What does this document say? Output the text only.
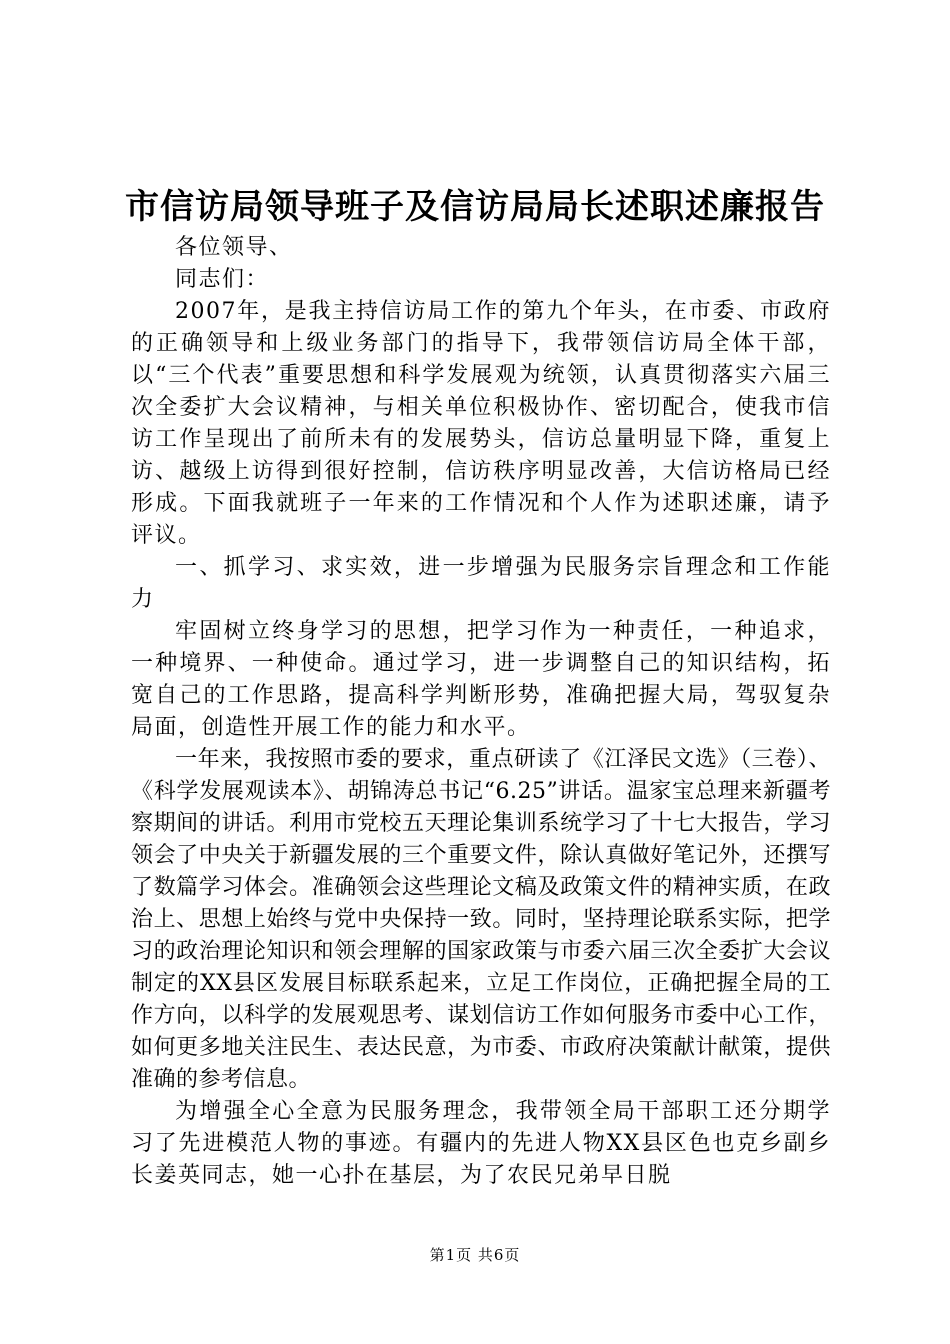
市信访局领导班子及信访局局长述职述廉报告

各位领导、

同志们：

2007年，是我主持信访局工作的第九个年头，在市委、市政府的正确领导和上级业务部门的指导下，我带领信访局全体干部，以“三个代表”重要思想和科学发展观为统领，认真贯彻落实六届三次全委扩大会议精神，与相关单位积极协作、密切配合，使我市信访工作呈现出了前所未有的发展势头，信访总量明显下降，重复上访、越级上访得到很好控制，信访秩序明显改善，大信访格局已经形成。下面我就班子一年来的工作情况和个人作为述职述廉，请予评议。

一、抓学习、求实效，进一步增强为民服务宗旨理念和工作能力

牢固树立终身学习的思想，把学习作为一种责任，一种追求，一种境界、一种使命。通过学习，进一步调整自己的知识结构，拓宽自己的工作思路，提高科学判断形势，准确把握大局，驾驭复杂局面，创造性开展工作的能力和水平。

一年来，我按照市委的要求，重点研读了《江泽民文选》（三卷）、《科学发展观读本》、胡锦涛总书记“6.25”讲话。温家宝总理来新疆考察期间的讲话。利用市党校五天理论集训系统学习了十七大报告，学习领会了中央关于新疆发展的三个重要文件，除认真做好笔记外，还撰写了数篇学习体会。准确领会这些理论文稿及政策文件的精神实质，在政治上、思想上始终与党中央保持一致。同时，坚持理论联系实际，把学习的政治理论知识和领会理解的国家政策与市委六届三次全委扩大会议制定的XX县区发展目标联系起来，立足工作岗位，正确把握全局的工作方向，以科学的发展观思考、谋划信访工作如何服务市委中心工作，如何更多地关注民生、表达民意，为市委、市政府决策献计献策，提供准确的参考信息。

为增强全心全意为民服务理念，我带领全局干部职工还分期学习了先进模范人物的事迹。有疆内的先进人物XX县区色也克乡副乡长姜英同志，她一心扑在基层，为了农民兄弟早日脱

第1页 共6页
